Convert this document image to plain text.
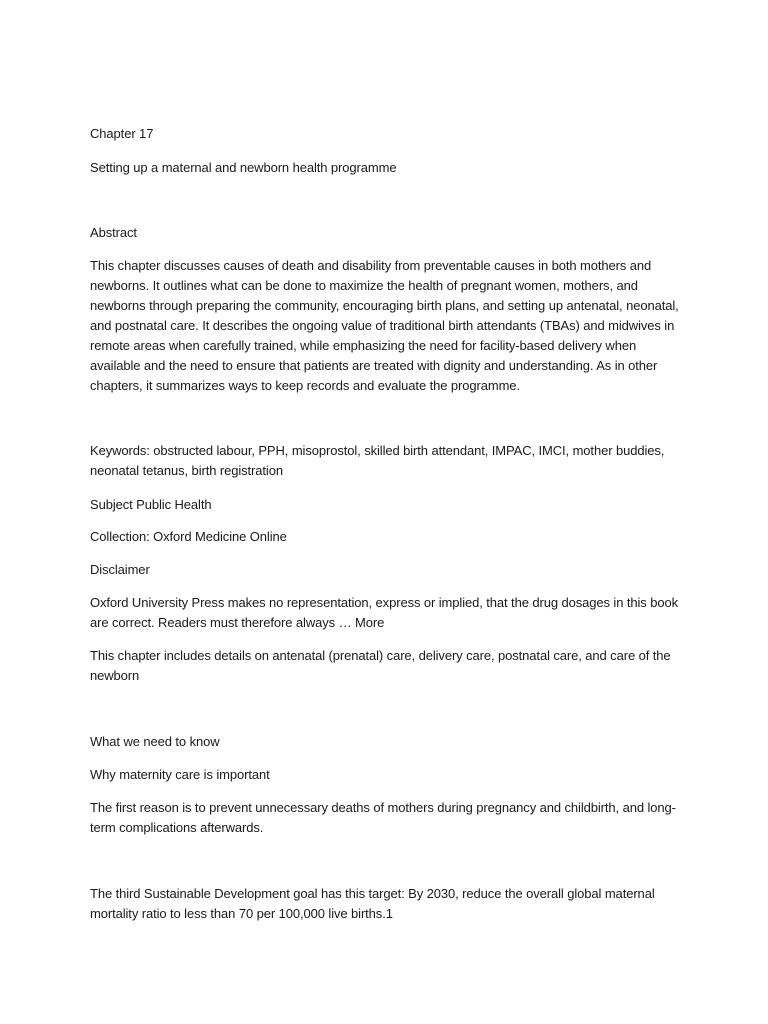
Chapter 17

Setting up a maternal and newborn health programme

Abstract

This chapter discusses causes of death and disability from preventable causes in both mothers and newborns. It outlines what can be done to maximize the health of pregnant women, mothers, and newborns through preparing the community, encouraging birth plans, and setting up antenatal, neonatal, and postnatal care. It describes the ongoing value of traditional birth attendants (TBAs) and midwives in remote areas when carefully trained, while emphasizing the need for facility-based delivery when available and the need to ensure that patients are treated with dignity and understanding. As in other chapters, it summarizes ways to keep records and evaluate the programme.

Keywords: obstructed labour, PPH, misoprostol, skilled birth attendant, IMPAC, IMCI, mother buddies, neonatal tetanus, birth registration

Subject Public Health

Collection: Oxford Medicine Online

Disclaimer

Oxford University Press makes no representation, express or implied, that the drug dosages in this book are correct. Readers must therefore always … More

This chapter includes details on antenatal (prenatal) care, delivery care, postnatal care, and care of the newborn

What we need to know

Why maternity care is important

The first reason is to prevent unnecessary deaths of mothers during pregnancy and childbirth, and long-term complications afterwards.

The third Sustainable Development goal has this target: By 2030, reduce the overall global maternal mortality ratio to less than 70 per 100,000 live births.1
